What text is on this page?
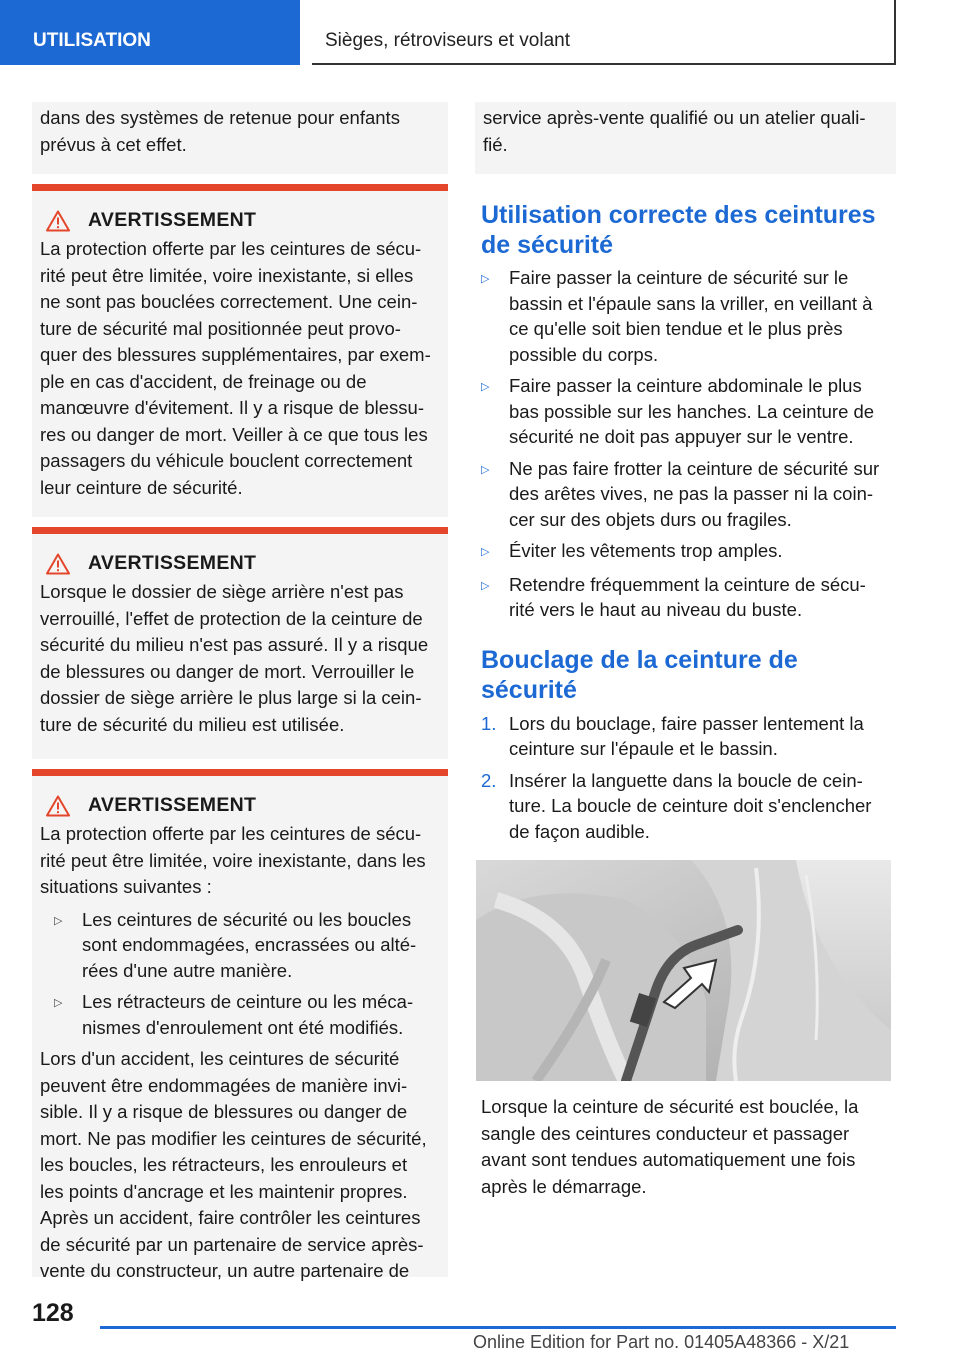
UTILISATION	Sièges, rétroviseurs et volant
dans des systèmes de retenue pour enfants
prévus à cet effet.
AVERTISSEMENT
La protection offerte par les ceintures de sécu-
rité peut être limitée, voire inexistante, si elles
ne sont pas bouclées correctement. Une cein-
ture de sécurité mal positionnée peut provo-
quer des blessures supplémentaires, par exem-
ple en cas d'accident, de freinage ou de
manœuvre d'évitement. Il y a risque de blessu-
res ou danger de mort. Veiller à ce que tous les
passagers du véhicule bouclent correctement
leur ceinture de sécurité.
AVERTISSEMENT
Lorsque le dossier de siège arrière n'est pas
verrouillé, l'effet de protection de la ceinture de
sécurité du milieu n'est pas assuré. Il y a risque
de blessures ou danger de mort. Verrouiller le
dossier de siège arrière le plus large si la cein-
ture de sécurité du milieu est utilisée.
AVERTISSEMENT
La protection offerte par les ceintures de sécu-
rité peut être limitée, voire inexistante, dans les
situations suivantes :
▷	Les ceintures de sécurité ou les boucles
sont endommagées, encrassées ou alté-
rées d'une autre manière.
▷	Les rétracteurs de ceinture ou les méca-
nismes d'enroulement ont été modifiés.
Lors d'un accident, les ceintures de sécurité
peuvent être endommagées de manière invi-
sible. Il y a risque de blessures ou danger de
mort. Ne pas modifier les ceintures de sécurité,
les boucles, les rétracteurs, les enrouleurs et
les points d'ancrage et les maintenir propres.
Après un accident, faire contrôler les ceintures
de sécurité par un partenaire de service après-
vente du constructeur, un autre partenaire de
service après-vente qualifié ou un atelier quali-
fié.
Utilisation correcte des ceintures
de sécurité
▷	Faire passer la ceinture de sécurité sur le
bassin et l'épaule sans la vriller, en veillant à
ce qu'elle soit bien tendue et le plus près
possible du corps.
▷	Faire passer la ceinture abdominale le plus
bas possible sur les hanches. La ceinture de
sécurité ne doit pas appuyer sur le ventre.
▷	Ne pas faire frotter la ceinture de sécurité sur
des arêtes vives, ne pas la passer ni la coin-
cer sur des objets durs ou fragiles.
▷	Éviter les vêtements trop amples.
▷	Retendre fréquemment la ceinture de sécu-
rité vers le haut au niveau du buste.
Bouclage de la ceinture de
sécurité
1. Lors du bouclage, faire passer lentement la
ceinture sur l'épaule et le bassin.
2. Insérer la languette dans la boucle de cein-
ture. La boucle de ceinture doit s'enclencher
de façon audible.
Lorsque la ceinture de sécurité est bouclée, la
sangle des ceintures conducteur et passager
avant sont tendues automatiquement une fois
après le démarrage.
128
Online Edition for Part no. 01405A48366 - X/21
